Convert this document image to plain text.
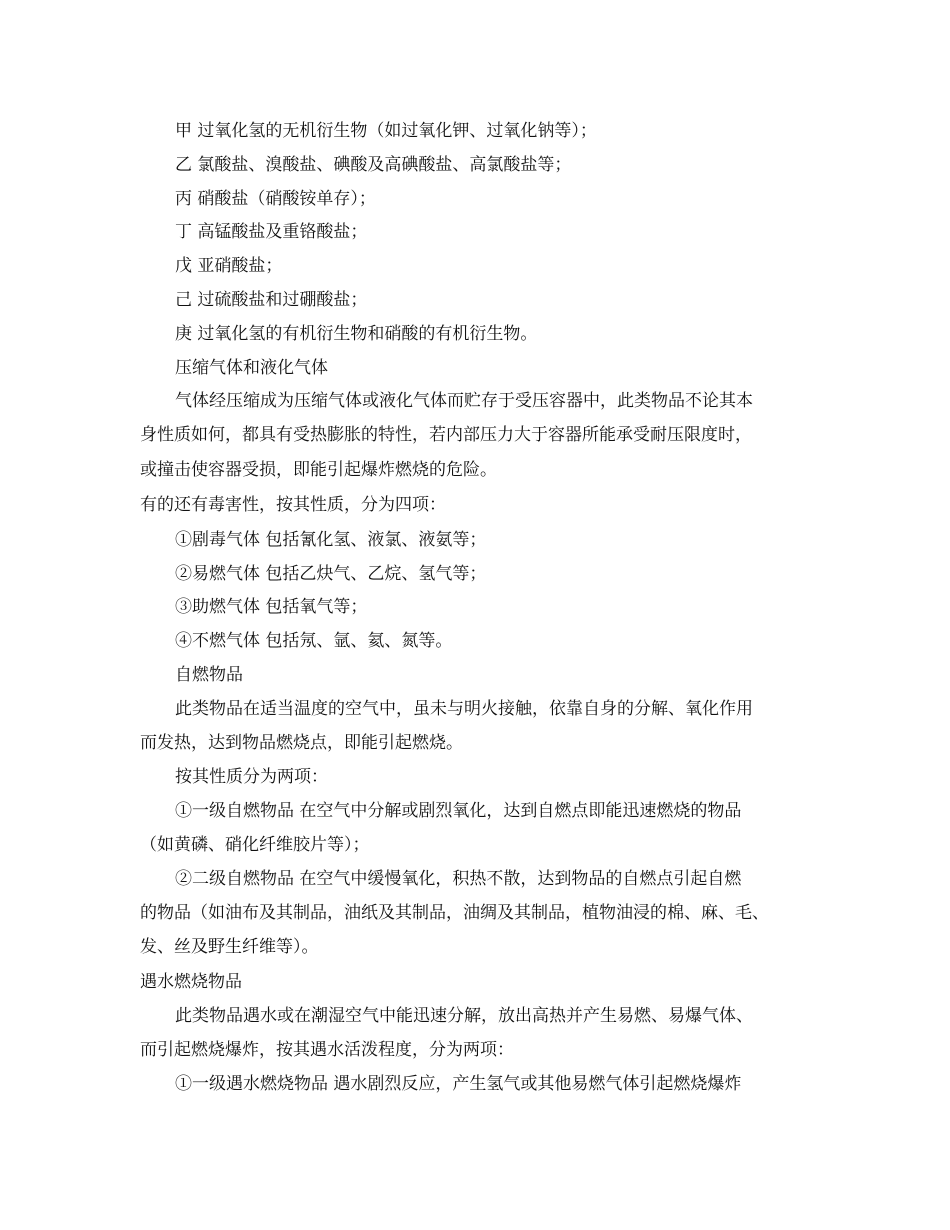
甲 过氧化氢的无机衍生物（如过氧化钾、过氧化钠等）；
乙 氯酸盐、溴酸盐、碘酸及高碘酸盐、高氯酸盐等；
丙 硝酸盐（硝酸铵单存）；
丁 高锰酸盐及重铬酸盐；
戊 亚硝酸盐；
己 过硫酸盐和过硼酸盐；
庚 过氧化氢的有机衍生物和硝酸的有机衍生物。
压缩气体和液化气体
气体经压缩成为压缩气体或液化气体而贮存于受压容器中，此类物品不论其本
身性质如何，都具有受热膨胀的特性，若内部压力大于容器所能承受耐压限度时，
或撞击使容器受损，即能引起爆炸燃烧的危险。
有的还有毒害性，按其性质，分为四项：
①剧毒气体 包括氰化氢、液氯、液氨等；
②易燃气体 包括乙炔气、乙烷、氢气等；
③助燃气体 包括氧气等；
④不燃气体 包括氖、氩、氦、氮等。
自燃物品
此类物品在适当温度的空气中，虽未与明火接触，依靠自身的分解、氧化作用
而发热，达到物品燃烧点，即能引起燃烧。
按其性质分为两项：
①一级自燃物品 在空气中分解或剧烈氧化，达到自燃点即能迅速燃烧的物品
（如黄磷、硝化纤维胶片等）；
②二级自燃物品 在空气中缓慢氧化，积热不散，达到物品的自燃点引起自燃
的物品（如油布及其制品，油纸及其制品，油绸及其制品，植物油浸的棉、麻、毛、
发、丝及野生纤维等）。
遇水燃烧物品
此类物品遇水或在潮湿空气中能迅速分解，放出高热并产生易燃、易爆气体、
而引起燃烧爆炸，按其遇水活泼程度，分为两项：
①一级遇水燃烧物品 遇水剧烈反应，产生氢气或其他易燃气体引起燃烧爆炸
